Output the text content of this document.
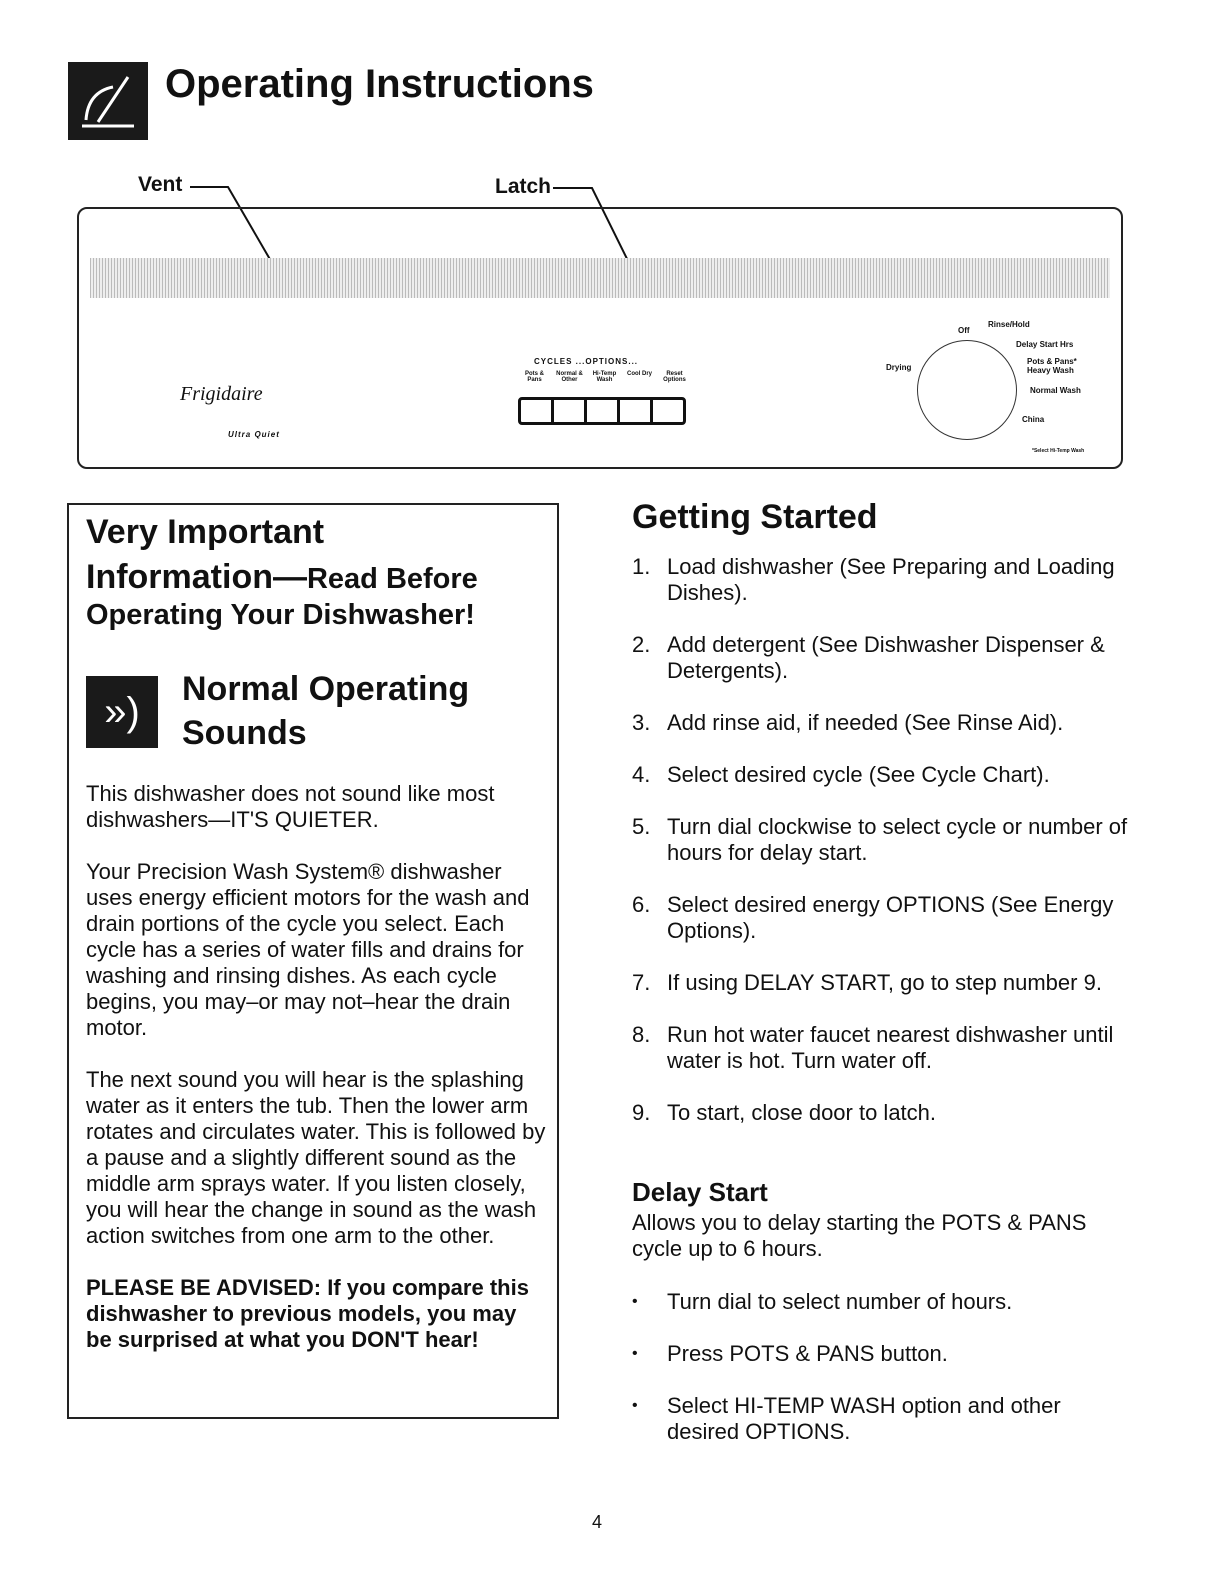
Operating Instructions
Vent	Latch
Frigidaire
Ultra Quiet
CYCLES ...OPTIONS...
Pots & Pans
Normal & Other
Hi-Temp Wash
Cool Dry	Reset Options
Off
Rinse/Hold
Delay Start Hrs
Pots & Pans*
Heavy Wash
Normal Wash
China
Drying
*Select Hi-Temp Wash
Very Important
Information—Read Before
Operating Your Dishwasher!
»)
Normal Operating
Sounds

This dishwasher does not sound like most dishwashers—IT'S QUIETER.

Your Precision Wash System® dishwasher uses energy efficient motors for the wash and drain portions of the cycle you select. Each cycle has a series of water fills and drains for washing and rinsing dishes. As each cycle begins, you may–or may not–hear the drain motor.

The next sound you will hear is the splashing water as it enters the tub. Then the lower arm rotates and circulates water. This is followed by a pause and a slightly different sound as the middle arm sprays water. If you listen closely, you will hear the change in sound as the wash action switches from one arm to the other.

PLEASE BE ADVISED: If you compare this dishwasher to previous models, you may be surprised at what you DON'T hear!

Getting Started
1. Load dishwasher (See Preparing and Loading Dishes).
2. Add detergent (See Dishwasher Dispenser & Detergents).
3. Add rinse aid, if needed (See Rinse Aid).
4. Select desired cycle (See Cycle Chart).
5. Turn dial clockwise to select cycle or number of hours for delay start.
6. Select desired energy OPTIONS (See Energy Options).
7. If using DELAY START, go to step number 9.
8. Run hot water faucet nearest dishwasher until water is hot. Turn water off.
9. To start, close door to latch.
Delay Start
Allows you to delay starting the POTS & PANS cycle up to 6 hours.
• Turn dial to select number of hours.
• Press POTS & PANS button.
• Select HI-TEMP WASH option and other desired OPTIONS.
4
